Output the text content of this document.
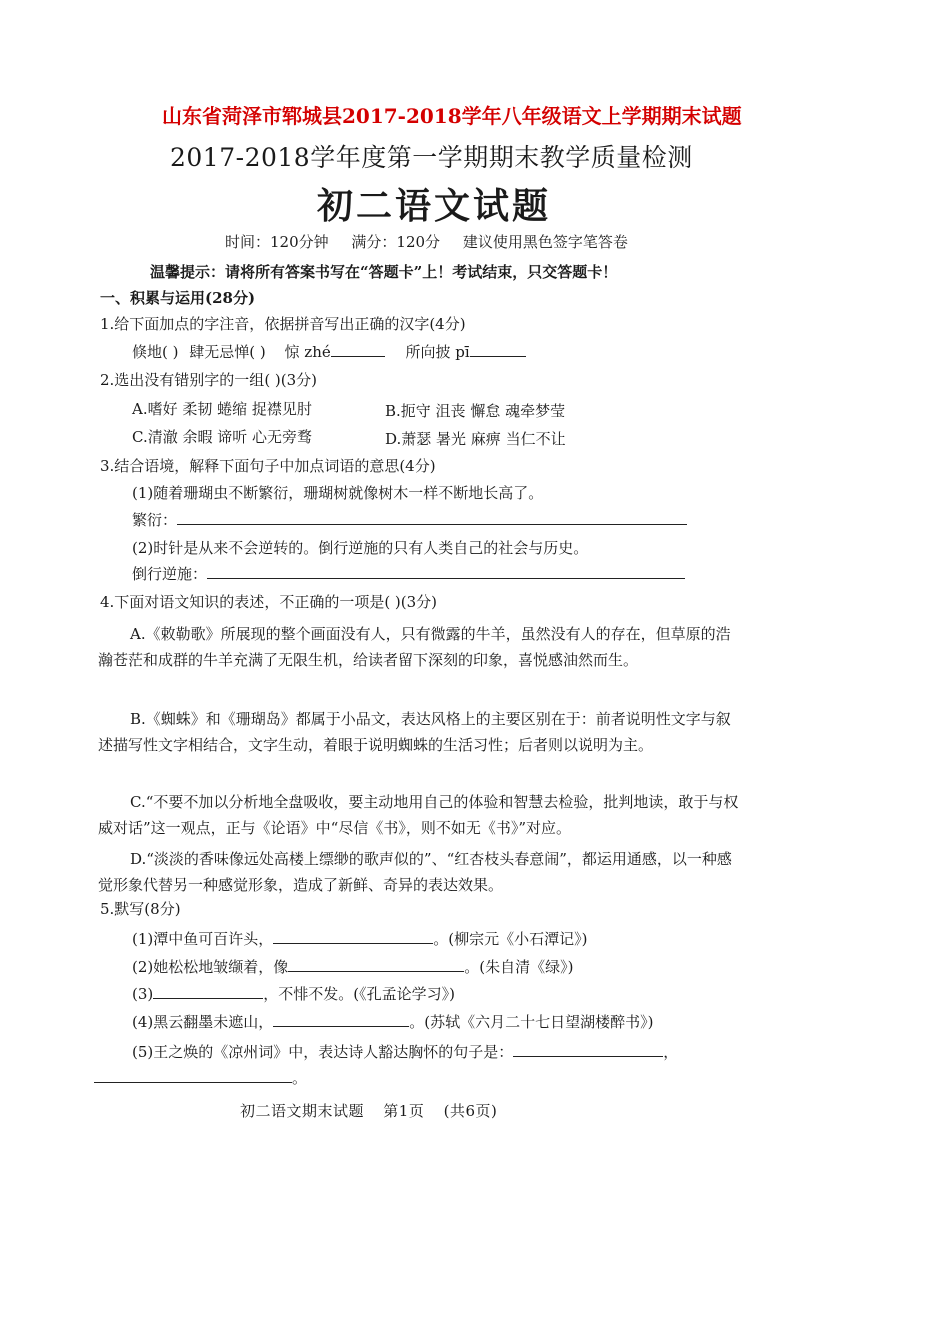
山东省菏泽市郓城县2017-2018学年八年级语文上学期期末试题
2017-2018学年度第一学期期末教学质量检测
初二语文试题
时间：120分钟 满分：120分 建议使用黑色签字笔答卷
温馨提示：请将所有答案书写在“答题卡”上！考试结束，只交答题卡！
一、积累与运用(28分)
1.给下面加点的字注音，依据拼音写出正确的汉字(4分)
倏地( ) 肆无忌惮( ) 惊 zhé	所向披 pī
2.选出没有错别字的一组( )(3分)
A.嗜好 柔韧 蜷缩 捉襟见肘	B.扼守 沮丧 懈怠 魂牵梦莹
C.清澈 余暇 谛听 心无旁骛	D.萧瑟 暑光 麻痹 当仁不让
3.结合语境，解释下面句子中加点词语的意思(4分)
(1)随着珊瑚虫不断繁衍，珊瑚树就像树木一样不断地长高了。
繁衍：
(2)时针是从来不会逆转的。倒行逆施的只有人类自己的社会与历史。
倒行逆施：
4.下面对语文知识的表述，不正确的一项是( )(3分)
A.《敕勒歌》所展现的整个画面没有人，只有微露的牛羊，虽然没有人的存在，但草原的浩瀚苍茫和成群的牛羊充满了无限生机，给读者留下深刻的印象，喜悦感油然而生。
B.《蜘蛛》和《珊瑚岛》都属于小品文，表达风格上的主要区别在于：前者说明性文字与叙述描写性文字相结合，文字生动，着眼于说明蜘蛛的生活习性；后者则以说明为主。
C.“不要不加以分析地全盘吸收，要主动地用自己的体验和智慧去检验，批判地读，敢于与权威对话”这一观点，正与《论语》中“尽信《书》，则不如无《书》”对应。
D.“淡淡的香味像远处高楼上缥缈的歌声似的”、“红杏枝头春意闹”，都运用通感，以一种感觉形象代替另一种感觉形象，造成了新鲜、奇异的表达效果。
5.默写(8分)
(1)潭中鱼可百许头，	。(柳宗元《小石潭记》)
(2)她松松地皱缬着，像	。(朱自清《绿》)
(3)	，不悱不发。(《孔孟论学习》)
(4)黑云翻墨未遮山，	。(苏轼《六月二十七日望湖楼醉书》)
(5)王之焕的《凉州词》中，表达诗人豁达胸怀的句子是：	，
。
初二语文期末试题 第1页 (共6页)
